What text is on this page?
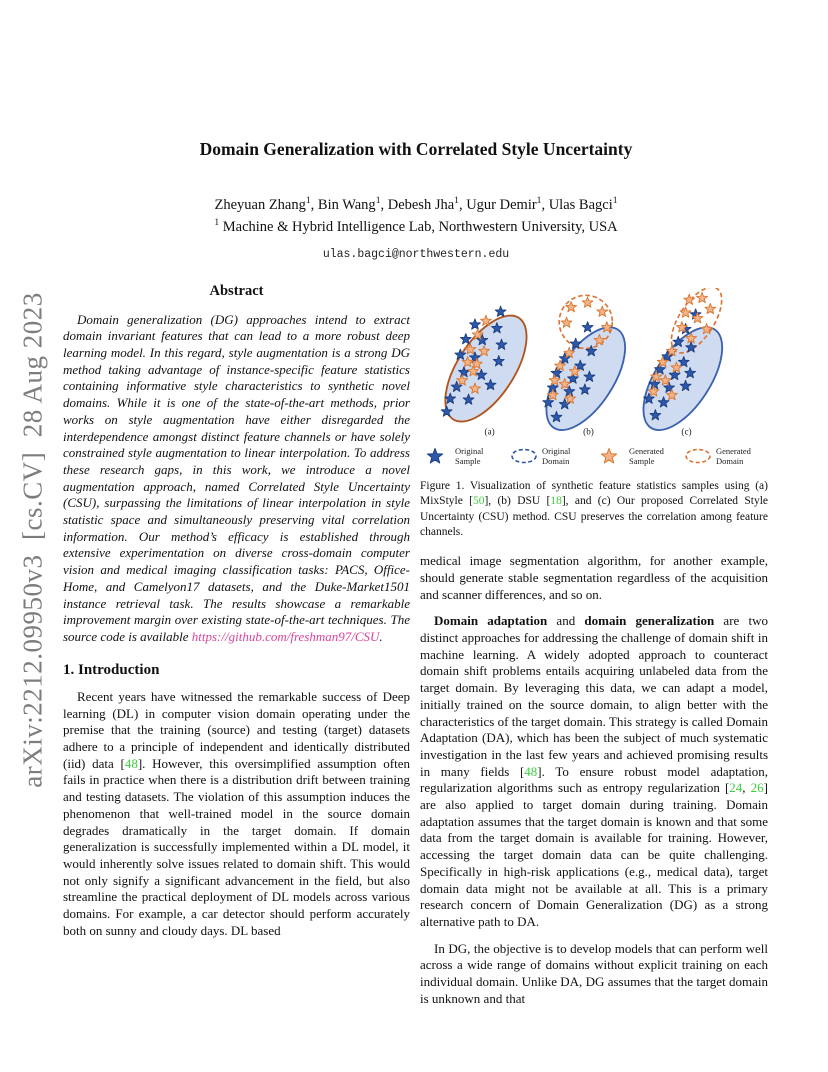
arXiv:2212.09950v3  [cs.CV]  28 Aug 2023
Domain Generalization with Correlated Style Uncertainty
Zheyuan Zhang$^1$, Bin Wang$^1$, Debesh Jha$^1$, Ugur Demir$^1$, Ulas Bagci$^1$
$^1$ Machine & Hybrid Intelligence Lab, Northwestern University, USA
ulas.bagci@northwestern.edu
Abstract

Domain generalization (DG) approaches intend to extract domain invariant features that can lead to a more robust deep learning model. In this regard, style augmentation is a strong DG method taking advantage of instance-specific feature statistics containing informative style characteristics to synthetic novel domains. While it is one of the state-of-the-art methods, prior works on style augmentation have either disregarded the interdependence amongst distinct feature channels or have solely constrained style augmentation to linear interpolation. To address these research gaps, in this work, we introduce a novel augmentation approach, named Correlated Style Uncertainty (CSU), surpassing the limitations of linear interpolation in style statistic space and simultaneously preserving vital correlation information. Our method’s efficacy is established through extensive experimentation on diverse cross-domain computer vision and medical imaging classification tasks: PACS, Office-Home, and Camelyon17 datasets, and the Duke-Market1501 instance retrieval task. The results showcase a remarkable improvement margin over existing state-of-the-art techniques. The source code is available https://github.com/freshman97/CSU.

1. Introduction

Recent years have witnessed the remarkable success of Deep learning (DL) in computer vision domain operating under the premise that the training (source) and testing (target) datasets adhere to a principle of independent and identically distributed (iid) data [48]. However, this oversimplified assumption often fails in practice when there is a distribution drift between training and testing datasets. The violation of this assumption induces the phenomenon that well-trained model in the source domain degrades dramatically in the target domain. If domain generalization is successfully implemented within a DL model, it would inherently solve issues related to domain shift. This would not only signify a significant advancement in the field, but also streamline the practical deployment of DL models across various domains. For example, a car detector should perform accurately both on sunny and cloudy days. DL based

(a)	(b)	(c)
Original Sample
Original Domain
Generated Sample
Generated Domain
Figure 1. Visualization of synthetic feature statistics samples using (a) MixStyle [50], (b) DSU [18], and (c) Our proposed Correlated Style Uncertainty (CSU) method. CSU preserves the correlation among feature channels.

medical image segmentation algorithm, for another example, should generate stable segmentation regardless of the acquisition and scanner differences, and so on.

Domain adaptation and domain generalization are two distinct approaches for addressing the challenge of domain shift in machine learning. A widely adopted approach to counteract domain shift problems entails acquiring unlabeled data from the target domain. By leveraging this data, we can adapt a model, initially trained on the source domain, to align better with the characteristics of the target domain. This strategy is called Domain Adaptation (DA), which has been the subject of much systematic investigation in the last few years and achieved promising results in many fields [48]. To ensure robust model adaptation, regularization algorithms such as entropy regularization [24, 26] are also applied to target domain during training. Domain adaptation assumes that the target domain is known and that some data from the target domain is available for training. However, accessing the target domain data can be quite challenging. Specifically in high-risk applications (e.g., medical data), target domain data might not be available at all. This is a primary research concern of Domain Generalization (DG) as a strong alternative path to DA.

In DG, the objective is to develop models that can perform well across a wide range of domains without explicit training on each individual domain. Unlike DA, DG assumes that the target domain is unknown and that
